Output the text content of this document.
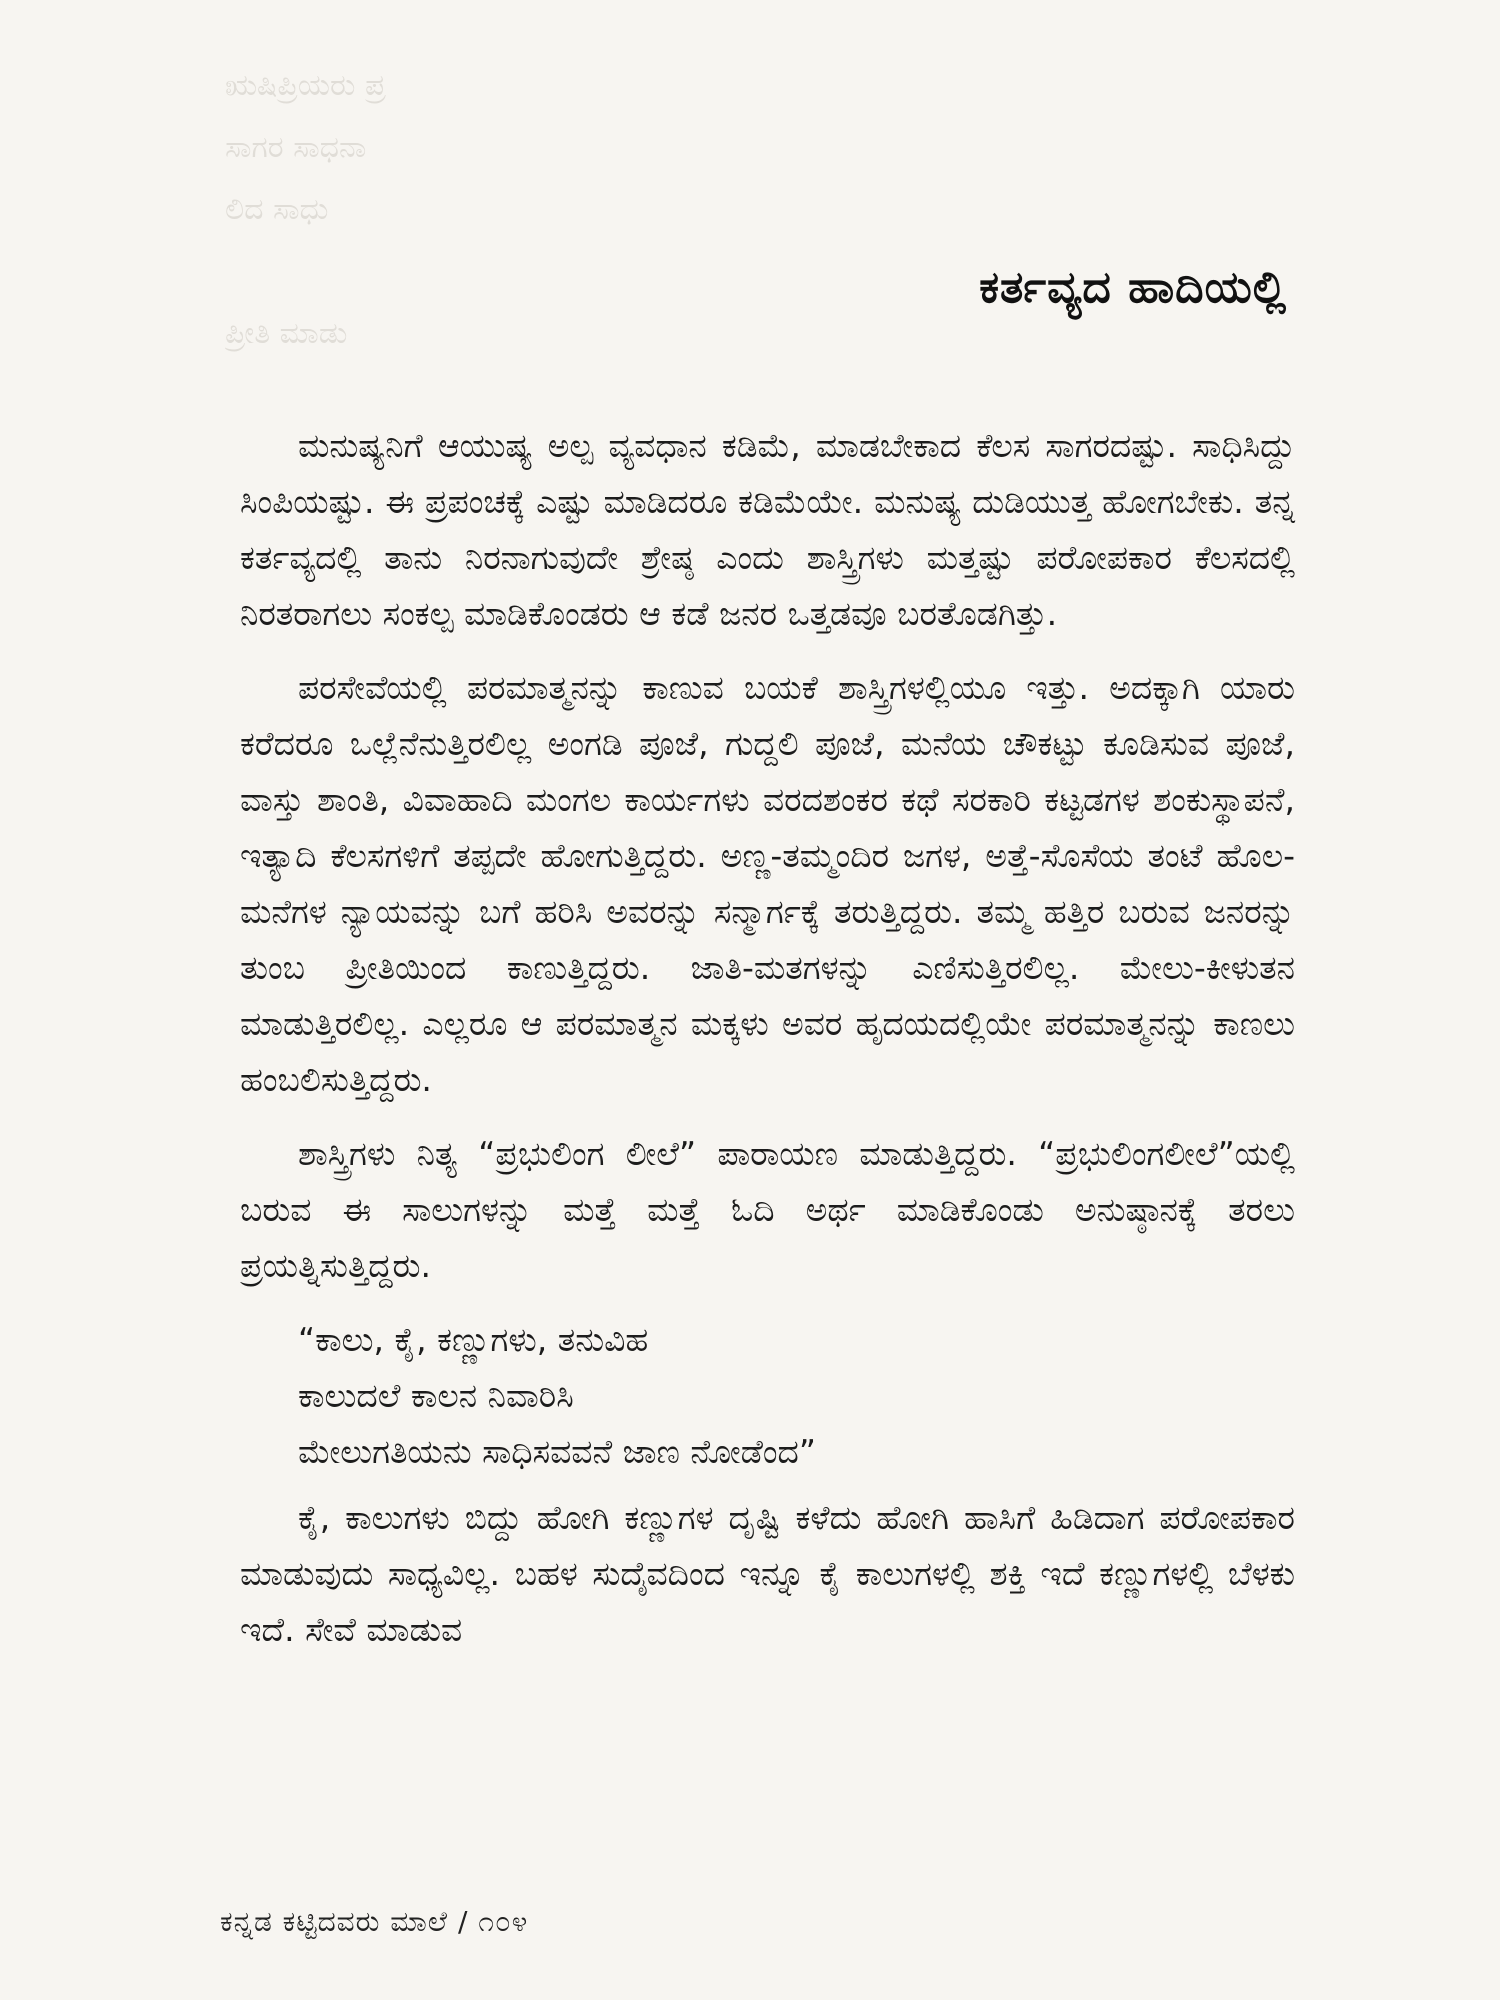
ಋಷಿಪ್ರಿಯರು ಪ್ರ
ಸಾಗರ ಸಾಧನಾ
ಲಿದ ಸಾಧು
ಪ್ರೀತಿ ಮಾಡು
ಕರ್ತವ್ಯದ ಹಾದಿಯಲ್ಲಿ

ಮನುಷ್ಯನಿಗೆ ಆಯುಷ್ಯ ಅಲ್ಪ ವ್ಯವಧಾನ ಕಡಿಮೆ, ಮಾಡಬೇಕಾದ ಕೆಲಸ ಸಾಗರದಷ್ಟು. ಸಾಧಿಸಿದ್ದು ಸಿಂಪಿಯಷ್ಟು. ಈ ಪ್ರಪಂಚಕ್ಕೆ ಎಷ್ಟು ಮಾಡಿದರೂ ಕಡಿಮೆಯೇ. ಮನುಷ್ಯ ದುಡಿಯುತ್ತ ಹೋಗಬೇಕು. ತನ್ನ ಕರ್ತವ್ಯದಲ್ಲಿ ತಾನು ನಿರನಾಗುವುದೇ ಶ್ರೇಷ್ಠ ಎಂದು ಶಾಸ್ತ್ರಿಗಳು ಮತ್ತಷ್ಟು ಪರೋಪಕಾರ ಕೆಲಸದಲ್ಲಿ ನಿರತರಾಗಲು ಸಂಕಲ್ಪ ಮಾಡಿಕೊಂಡರು ಆ ಕಡೆ ಜನರ ಒತ್ತಡವೂ ಬರತೊಡಗಿತ್ತು.

ಪರಸೇವೆಯಲ್ಲಿ ಪರಮಾತ್ಮನನ್ನು ಕಾಣುವ ಬಯಕೆ ಶಾಸ್ತ್ರಿಗಳಲ್ಲಿಯೂ ಇತ್ತು. ಅದಕ್ಕಾಗಿ ಯಾರು ಕರೆದರೂ ಒಲ್ಲೆನೆನುತ್ತಿರಲಿಲ್ಲ ಅಂಗಡಿ ಪೂಜೆ, ಗುದ್ದಲಿ ಪೂಜೆ, ಮನೆಯ ಚೌಕಟ್ಟು ಕೂಡಿಸುವ ಪೂಜೆ, ವಾಸ್ತು ಶಾಂತಿ, ವಿವಾಹಾದಿ ಮಂಗಲ ಕಾರ್ಯಗಳು ವರದಶಂಕರ ಕಥೆ ಸರಕಾರಿ ಕಟ್ಟಡಗಳ ಶಂಕುಸ್ಥಾಪನೆ, ಇತ್ಯಾದಿ ಕೆಲಸಗಳಿಗೆ ತಪ್ಪದೇ ಹೋಗುತ್ತಿದ್ದರು. ಅಣ್ಣ-ತಮ್ಮಂದಿರ ಜಗಳ, ಅತ್ತೆ-ಸೊಸೆಯ ತಂಟೆ ಹೊಲ-ಮನೆಗಳ ನ್ಯಾಯವನ್ನು ಬಗೆ ಹರಿಸಿ ಅವರನ್ನು ಸನ್ಮಾರ್ಗಕ್ಕೆ ತರುತ್ತಿದ್ದರು. ತಮ್ಮ ಹತ್ತಿರ ಬರುವ ಜನರನ್ನು ತುಂಬ ಪ್ರೀತಿಯಿಂದ ಕಾಣುತ್ತಿದ್ದರು. ಜಾತಿ-ಮತಗಳನ್ನು ಎಣಿಸುತ್ತಿರಲಿಲ್ಲ. ಮೇಲು-ಕೀಳುತನ ಮಾಡುತ್ತಿರಲಿಲ್ಲ. ಎಲ್ಲರೂ ಆ ಪರಮಾತ್ಮನ ಮಕ್ಕಳು ಅವರ ಹೃದಯದಲ್ಲಿಯೇ ಪರಮಾತ್ಮನನ್ನು ಕಾಣಲು ಹಂಬಲಿಸುತ್ತಿದ್ದರು.

ಶಾಸ್ತ್ರಿಗಳು ನಿತ್ಯ “ಪ್ರಭುಲಿಂಗ ಲೀಲೆ” ಪಾರಾಯಣ ಮಾಡುತ್ತಿದ್ದರು. “ಪ್ರಭುಲಿಂಗಲೀಲೆ”ಯಲ್ಲಿ ಬರುವ ಈ ಸಾಲುಗಳನ್ನು ಮತ್ತೆ ಮತ್ತೆ ಓದಿ ಅರ್ಥ ಮಾಡಿಕೊಂಡು ಅನುಷ್ಠಾನಕ್ಕೆ ತರಲು ಪ್ರಯತ್ನಿಸುತ್ತಿದ್ದರು.

“ಕಾಲು, ಕೈ, ಕಣ್ಣುಗಳು, ತನುವಿಹ
ಕಾಲುದಲೆ ಕಾಲನ ನಿವಾರಿಸಿ
ಮೇಲುಗತಿಯನು ಸಾಧಿಸವವನೆ ಜಾಣ ನೋಡೆಂದ”

ಕೈ, ಕಾಲುಗಳು ಬಿದ್ದು ಹೋಗಿ ಕಣ್ಣುಗಳ ದೃಷ್ಟಿ ಕಳೆದು ಹೋಗಿ ಹಾಸಿಗೆ ಹಿಡಿದಾಗ ಪರೋಪಕಾರ ಮಾಡುವುದು ಸಾಧ್ಯವಿಲ್ಲ. ಬಹಳ ಸುದೈವದಿಂದ ಇನ್ನೂ ಕೈ ಕಾಲುಗಳಲ್ಲಿ ಶಕ್ತಿ ಇದೆ ಕಣ್ಣುಗಳಲ್ಲಿ ಬೆಳಕು ಇದೆ. ಸೇವೆ ಮಾಡುವ

ಕನ್ನಡ ಕಟ್ಟಿದವರು ಮಾಲೆ / ೧೦೪
